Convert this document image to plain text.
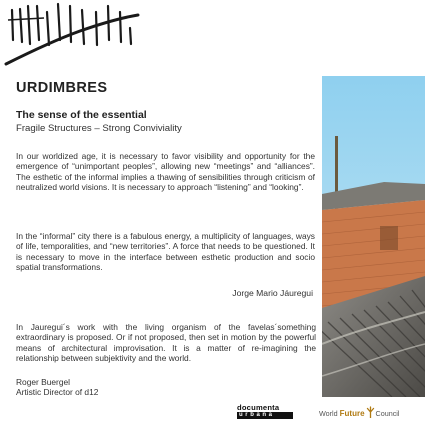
URDIMBRES
The sense of the essential
Fragile Structures – Strong Conviviality

In our worldized age, it is necessary to favor visibility and opportunity for the emergence of “unimportant peoples”, allowing new “meetings” and “alliances”. The esthetic of the informal implies a thawing of sensibilities through criticism of neutralized world visions. It is necessary to approach “listening” and “looking”.

In the “informal” city there is a fabulous energy, a multiplicity of languages, ways of life, temporalities, and “new territories”. A force that needs to be questioned. It is necessary to move in the interface between esthetic production and socio spatial transformations.

Jorge Mario Jáuregui

In Jauregui´s work with the living organism of the favelas´something extraordinary is proposed. Or if not proposed, then set in motion by the powerful means of architectural improvisation. It is a matter of re-imagining the relationship between subjektivity and the world.

Roger Buergel
Artistic Director of d12
documenta
urbana	World Future Council
